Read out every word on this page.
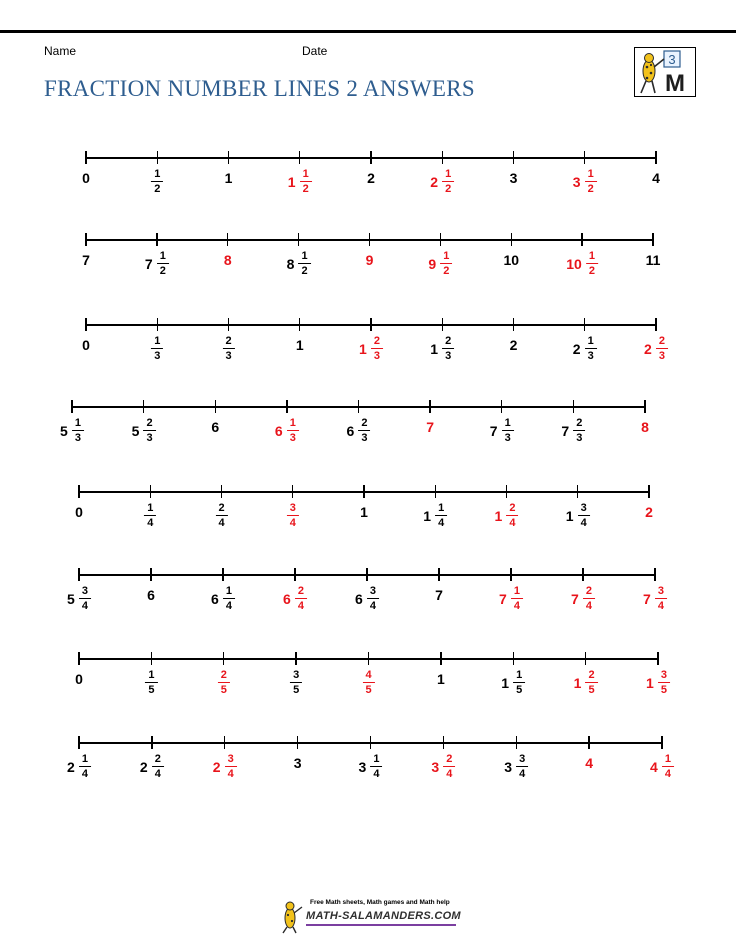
Name	Date
FRACTION NUMBER LINES 2 ANSWERS
3
M
0	$\frac{1}{2}$	1	$1 \frac{1}{2}$	2	$2 \frac{1}{2}$	3	$3 \frac{1}{2}$	4
7	$7 \frac{1}{2}$	8	$8 \frac{1}{2}$	9	$9 \frac{1}{2}$	10	$10 \frac{1}{2}$	11
0	$\frac{1}{3}$	$\frac{2}{3}$	1	$1 \frac{2}{3}$	$1 \frac{2}{3}$	2	$2 \frac{1}{3}$	$2 \frac{2}{3}$
$5 \frac{1}{3}$	$5 \frac{2}{3}$	6	$6 \frac{1}{3}$	$6 \frac{2}{3}$	7	$7 \frac{1}{3}$	$7 \frac{2}{3}$	8
0	$\frac{1}{4}$	$\frac{2}{4}$	$\frac{3}{4}$	1	$1 \frac{1}{4}$	$1 \frac{2}{4}$	$1 \frac{3}{4}$	2
$5 \frac{3}{4}$	6	$6 \frac{1}{4}$	$6 \frac{2}{4}$	$6 \frac{3}{4}$	7	$7 \frac{1}{4}$	$7 \frac{2}{4}$	$7 \frac{3}{4}$
0	$\frac{1}{5}$	$\frac{2}{5}$	$\frac{3}{5}$	$\frac{4}{5}$	1	$1 \frac{1}{5}$	$1 \frac{2}{5}$	$1 \frac{3}{5}$
$2 \frac{1}{4}$	$2 \frac{2}{4}$	$2 \frac{3}{4}$	3	$3 \frac{1}{4}$	$3 \frac{2}{4}$	$3 \frac{3}{4}$	4	$4 \frac{1}{4}$
Free Math sheets, Math games and Math help
MATH-SALAMANDERS.COM
